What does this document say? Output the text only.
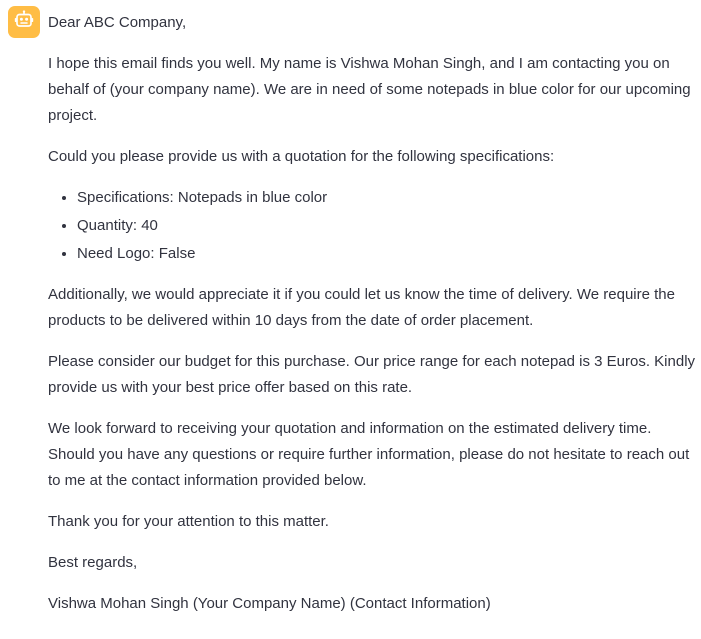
Dear ABC Company,

I hope this email finds you well. My name is Vishwa Mohan Singh, and I am contacting you on behalf of (your company name). We are in need of some notepads in blue color for our upcoming project.

Could you please provide us with a quotation for the following specifications:

• Specifications: Notepads in blue color
• Quantity: 40
• Need Logo: False

Additionally, we would appreciate it if you could let us know the time of delivery. We require the products to be delivered within 10 days from the date of order placement.

Please consider our budget for this purchase. Our price range for each notepad is 3 Euros. Kindly provide us with your best price offer based on this rate.

We look forward to receiving your quotation and information on the estimated delivery time. Should you have any questions or require further information, please do not hesitate to reach out to me at the contact information provided below.

Thank you for your attention to this matter.

Best regards,

Vishwa Mohan Singh (Your Company Name) (Contact Information)
